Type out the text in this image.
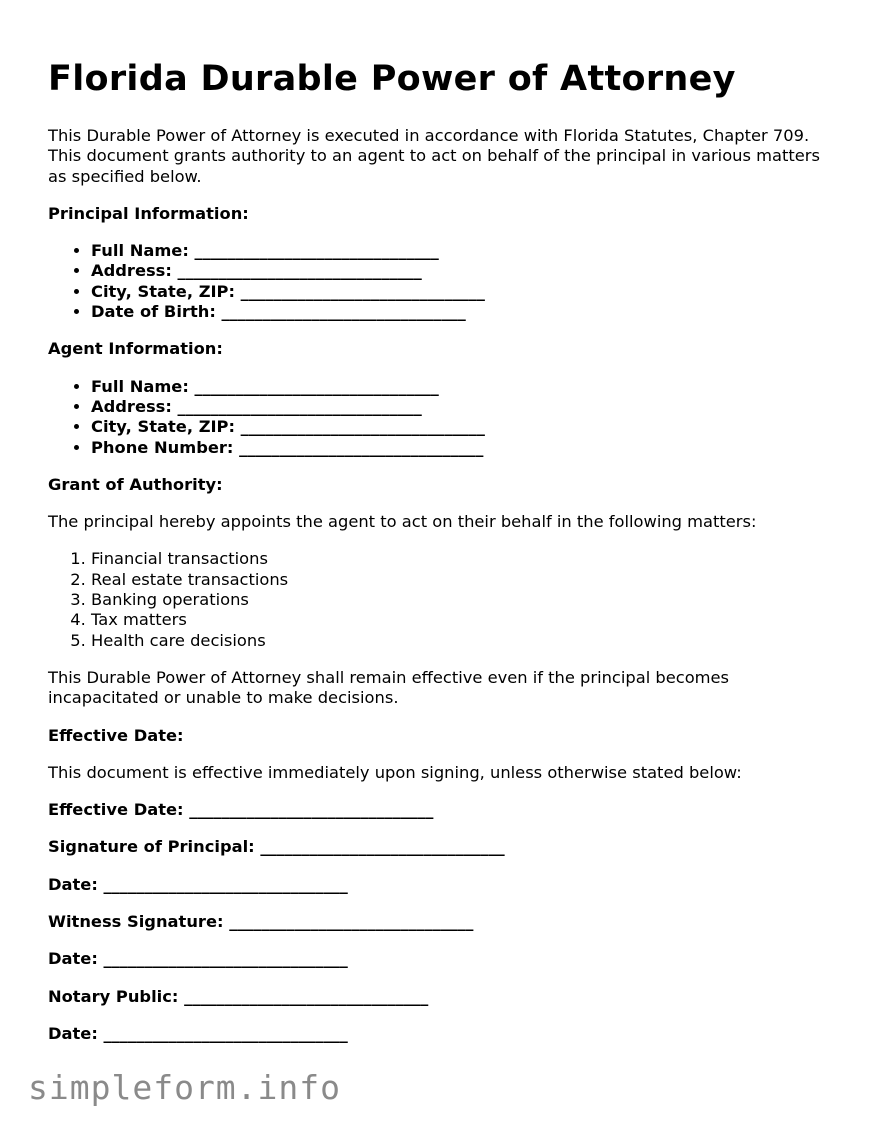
Florida Durable Power of Attorney

This Durable Power of Attorney is executed in accordance with Florida Statutes, Chapter 709. This document grants authority to an agent to act on behalf of the principal in various matters as specified below.

Principal Information:
• Full Name: ______________________________
• Address: ______________________________
• City, State, ZIP: ______________________________
• Date of Birth: ______________________________
Agent Information:
• Full Name: ______________________________
• Address: ______________________________
• City, State, ZIP: ______________________________
• Phone Number: ______________________________
Grant of Authority:

The principal hereby appoints the agent to act on their behalf in the following matters:

1. Financial transactions
2. Real estate transactions
3. Banking operations
4. Tax matters
5. Health care decisions

This Durable Power of Attorney shall remain effective even if the principal becomes incapacitated or unable to make decisions.

Effective Date:

This document is effective immediately upon signing, unless otherwise stated below:

Effective Date: ______________________________
Signature of Principal: ______________________________
Date: ______________________________
Witness Signature: ______________________________
Date: ______________________________
Notary Public: ______________________________
Date: ______________________________
simpleform.info
